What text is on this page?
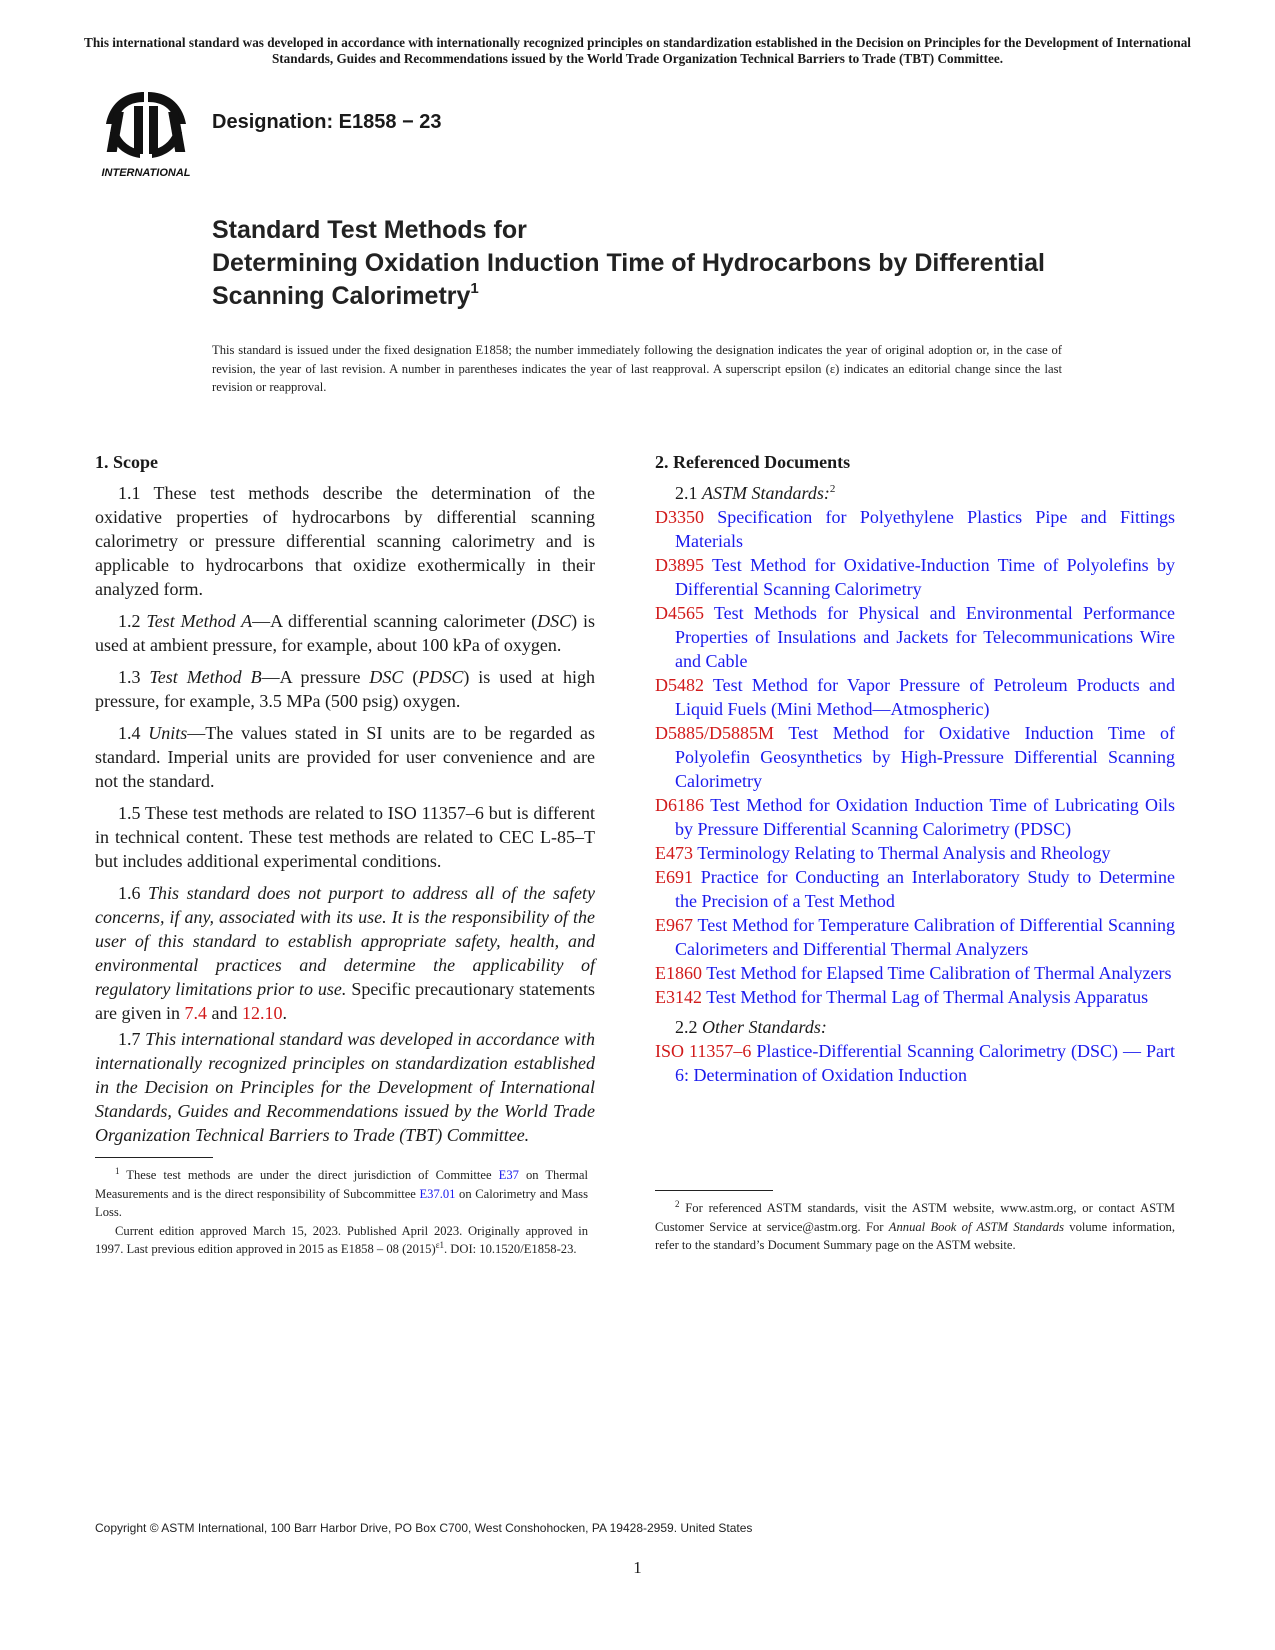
This international standard was developed in accordance with internationally recognized principles on standardization established in the Decision on Principles for the Development of International Standards, Guides and Recommendations issued by the World Trade Organization Technical Barriers to Trade (TBT) Committee.
INTERNATIONAL
Designation: E1858 − 23
Standard Test Methods for
Determining Oxidation Induction Time of Hydrocarbons by Differential Scanning Calorimetry$^1$
This standard is issued under the fixed designation E1858; the number immediately following the designation indicates the year of original adoption or, in the case of revision, the year of last revision. A number in parentheses indicates the year of last reapproval. A superscript epsilon (ε) indicates an editorial change since the last revision or reapproval.
1. Scope

1.1 These test methods describe the determination of the oxidative properties of hydrocarbons by differential scanning calorimetry or pressure differential scanning calorimetry and is applicable to hydrocarbons that oxidize exothermically in their analyzed form.

1.2 Test Method A—A differential scanning calorimeter (DSC) is used at ambient pressure, for example, about 100 kPa of oxygen.

1.3 Test Method B—A pressure DSC (PDSC) is used at high pressure, for example, 3.5 MPa (500 psig) oxygen.

1.4 Units—The values stated in SI units are to be regarded as standard. Imperial units are provided for user convenience and are not the standard.

1.5 These test methods are related to ISO 11357–6 but is different in technical content. These test methods are related to CEC L-85–T but includes additional experimental conditions.

1.6 This standard does not purport to address all of the safety concerns, if any, associated with its use. It is the responsibility of the user of this standard to establish appropriate safety, health, and environmental practices and determine the applicability of regulatory limitations prior to use. Specific precautionary statements are given in 7.4 and 12.10.

1.7 This international standard was developed in accordance with internationally recognized principles on standardization established in the Decision on Principles for the Development of International Standards, Guides and Recommendations issued by the World Trade Organization Technical Barriers to Trade (TBT) Committee.

2. Referenced Documents
2.1 ASTM Standards:$^2$
D3350 Specification for Polyethylene Plastics Pipe and Fittings Materials
D3895 Test Method for Oxidative-Induction Time of Polyolefins by Differential Scanning Calorimetry
D4565 Test Methods for Physical and Environmental Performance Properties of Insulations and Jackets for Telecommunications Wire and Cable
D5482 Test Method for Vapor Pressure of Petroleum Products and Liquid Fuels (Mini Method—Atmospheric)
D5885/D5885M Test Method for Oxidative Induction Time of Polyolefin Geosynthetics by High-Pressure Differential Scanning Calorimetry
D6186 Test Method for Oxidation Induction Time of Lubricating Oils by Pressure Differential Scanning Calorimetry (PDSC)
E473 Terminology Relating to Thermal Analysis and Rheology
E691 Practice for Conducting an Interlaboratory Study to Determine the Precision of a Test Method
E967 Test Method for Temperature Calibration of Differential Scanning Calorimeters and Differential Thermal Analyzers
E1860 Test Method for Elapsed Time Calibration of Thermal Analyzers
E3142 Test Method for Thermal Lag of Thermal Analysis Apparatus
2.2 Other Standards:
ISO 11357–6 Plastice-Differential Scanning Calorimetry (DSC) — Part 6: Determination of Oxidation Induction

$^1$ These test methods are under the direct jurisdiction of Committee E37 on Thermal Measurements and is the direct responsibility of Subcommittee E37.01 on Calorimetry and Mass Loss.

Current edition approved March 15, 2023. Published April 2023. Originally approved in 1997. Last previous edition approved in 2015 as E1858 – 08 $(2015)^{\varepsilon 1}$. DOI: 10.1520/E1858-23.

$^2$ For referenced ASTM standards, visit the ASTM website, www.astm.org, or contact ASTM Customer Service at service@astm.org. For Annual Book of ASTM Standards volume information, refer to the standard’s Document Summary page on the ASTM website.

Copyright © ASTM International, 100 Barr Harbor Drive, PO Box C700, West Conshohocken, PA 19428-2959. United States
1
